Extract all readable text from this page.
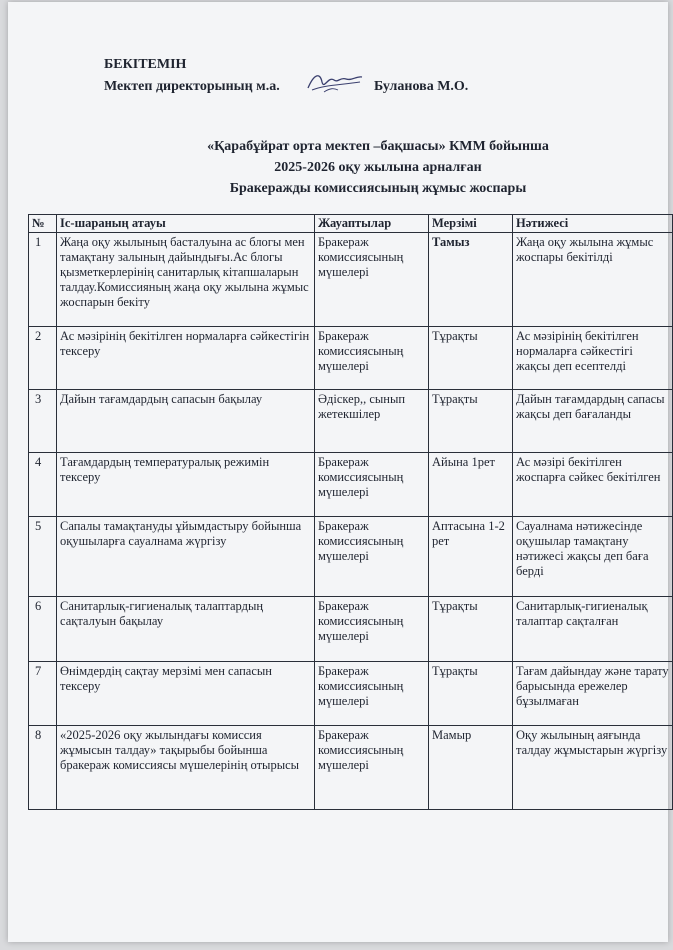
БЕКІТЕМІН
Мектеп директорының м.а.	Буланова М.О.
«Қарабұйрат орта мектеп –бақшасы» КММ бойынша
2025-2026 оқу жылына арналған
Бракеражды комиссиясының жұмыс жоспары
№	Іс-шараның атауы	Жауаптылар	Мерзімі	Нәтижесі
1	Жаңа оқу жылының басталуына ас блогы мен тамақтану залының дайындығы.Ас блогы қызметкерлерінің санитарлық кітапшаларын талдау.Комиссияның жаңа оқу жылына жұмыс жоспарын бекіту	Бракераж комиссиясының мүшелері	Тамыз	Жаңа оқу жылына жұмыс жоспары бекітілді
2	Ас мәзірінің бекітілген нормаларға сәйкестігін тексеру	Бракераж комиссиясының мүшелері	Тұрақты	Ас мәзірінің бекітілген нормаларға сәйкестігі жақсы деп есептелді
3	Дайын тағамдардың сапасын бақылау	Әдіскер,, сынып жетекшілер	Тұрақты	Дайын тағамдардың сапасы жақсы деп бағаланды
4	Тағамдардың температуралық режимін тексеру	Бракераж комиссиясының мүшелері	Айына 1рет	Ас мәзірі бекітілген жоспарға сәйкес бекітілген
5	Сапалы тамақтануды ұйымдастыру бойынша оқушыларға сауалнама жүргізу	Бракераж комиссиясының мүшелері	Аптасына 1-2 рет	Сауалнама нәтижесінде оқушылар тамақтану нәтижесі жақсы деп баға берді
6	Санитарлық-гигиеналық талаптардың сақталуын бақылау	Бракераж комиссиясының мүшелері	Тұрақты	Санитарлық-гигиеналық талаптар сақталған
7	Өнімдердің сақтау мерзімі мен сапасын тексеру	Бракераж комиссиясының мүшелері	Тұрақты	Тағам дайындау және тарату барысында ережелер бұзылмаған
8	«2025-2026 оқу жылындағы комиссия жұмысын талдау» тақырыбы бойынша бракераж комиссиясы мүшелерінің отырысы	Бракераж комиссиясының мүшелері	Мамыр	Оқу жылының аяғында талдау жұмыстарын жүргізу
